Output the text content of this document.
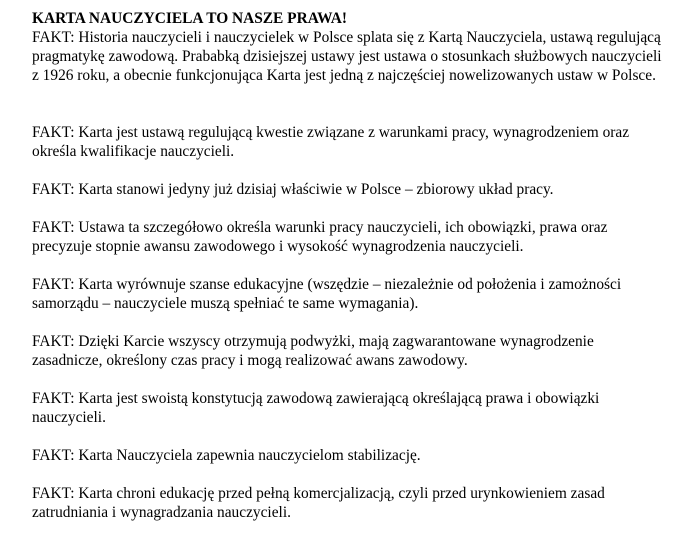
KARTA NAUCZYCIELA TO NASZE PRAWA!

FAKT: Historia nauczycieli i nauczycielek w Polsce splata się z Kartą Nauczyciela, ustawą regulującą pragmatykę zawodową. Prababką dzisiejszej ustawy jest ustawa o stosunkach służbowych nauczycieli z 1926 roku, a obecnie funkcjonująca Karta jest jedną z najczęściej nowelizowanych ustaw w Polsce.

FAKT: Karta jest ustawą regulującą kwestie związane z warunkami pracy, wynagrodzeniem oraz określa kwalifikacje nauczycieli.

FAKT: Karta stanowi jedyny już dzisiaj właściwie w Polsce – zbiorowy układ pracy.

FAKT: Ustawa ta szczegółowo określa warunki pracy nauczycieli, ich obowiązki, prawa oraz precyzuje stopnie awansu zawodowego i wysokość wynagrodzenia nauczycieli.

FAKT: Karta wyrównuje szanse edukacyjne (wszędzie – niezależnie od położenia i zamożności samorządu – nauczyciele muszą spełniać te same wymagania).

FAKT: Dzięki Karcie wszyscy otrzymują podwyżki, mają zagwarantowane wynagrodzenie zasadnicze, określony czas pracy i mogą realizować awans zawodowy.

FAKT: Karta jest swoistą konstytucją zawodową zawierającą określającą prawa i obowiązki nauczycieli.

FAKT: Karta Nauczyciela zapewnia nauczycielom stabilizację.

FAKT: Karta chroni edukację przed pełną komercjalizacją, czyli przed urynkowieniem zasad zatrudniania i wynagradzania nauczycieli.
